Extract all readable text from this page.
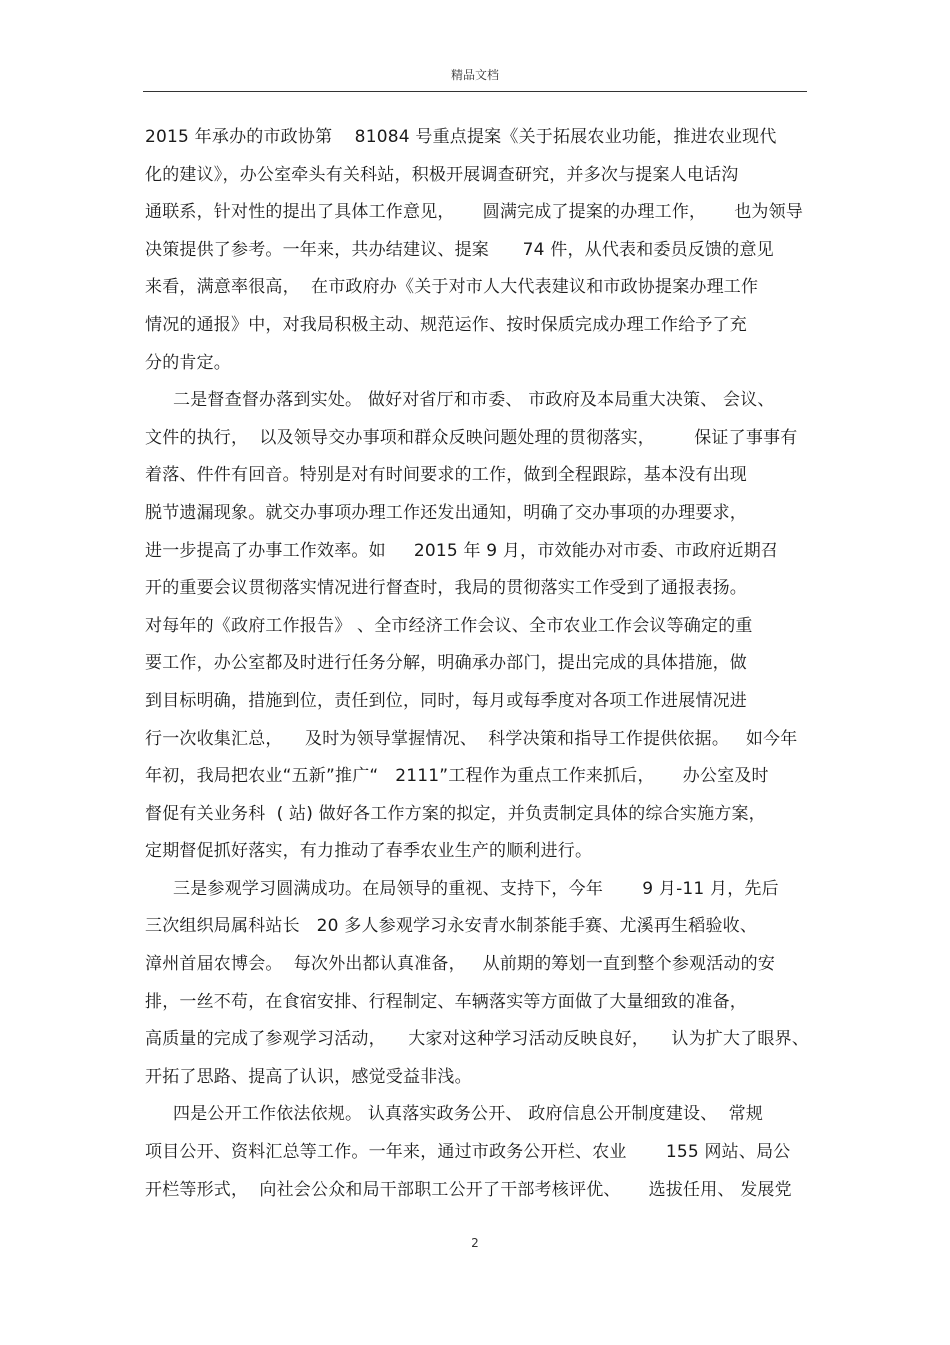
精品文档
2015 年承办的市政协第    81084 号重点提案《关于拓展农业功能，推进农业现代
化的建议》，办公室牵头有关科站，积极开展调查研究，并多次与提案人电话沟
通联系，针对性的提出了具体工作意见，     圆满完成了提案的办理工作，     也为领导
决策提供了参考。一年来，共办结建议、提案      74 件，从代表和委员反馈的意见
来看，满意率很高，  在市政府办《关于对市人大代表建议和市政协提案办理工作
情况的通报》中，对我局积极主动、规范运作、按时保质完成办理工作给予了充
分的肯定。
二是督查督办落到实处。 做好对省厅和市委、 市政府及本局重大决策、 会议、
文件的执行，  以及领导交办事项和群众反映问题处理的贯彻落实，       保证了事事有
着落、件件有回音。特别是对有时间要求的工作，做到全程跟踪，基本没有出现
脱节遗漏现象。就交办事项办理工作还发出通知，明确了交办事项的办理要求，
进一步提高了办事工作效率。如     2015 年 9 月，市效能办对市委、市政府近期召
开的重要会议贯彻落实情况进行督查时，我局的贯彻落实工作受到了通报表扬。
对每年的《政府工作报告》 、全市经济工作会议、全市农业工作会议等确定的重
要工作，办公室都及时进行任务分解，明确承办部门，提出完成的具体措施，做
到目标明确，措施到位，责任到位，同时，每月或每季度对各项工作进展情况进
行一次收集汇总，    及时为领导掌握情况、  科学决策和指导工作提供依据。   如今年
年初，我局把农业“五新”推广“   2111”工程作为重点工作来抓后，     办公室及时
督促有关业务科  ( 站) 做好各工作方案的拟定，并负责制定具体的综合实施方案，
定期督促抓好落实，有力推动了春季农业生产的顺利进行。
三是参观学习圆满成功。在局领导的重视、支持下，今年       9 月-11 月，先后
三次组织局属科站长   20 多人参观学习永安青水制茶能手赛、尤溪再生稻验收、
漳州首届农博会。  每次外出都认真准备，   从前期的筹划一直到整个参观活动的安
排，一丝不苟，在食宿安排、行程制定、车辆落实等方面做了大量细致的准备，
高质量的完成了参观学习活动，    大家对这种学习活动反映良好，    认为扩大了眼界、
开拓了思路、提高了认识，感觉受益非浅。
四是公开工作依法依规。 认真落实政务公开、 政府信息公开制度建设、  常规
项目公开、资料汇总等工作。一年来，通过市政务公开栏、农业       155 网站、局公
开栏等形式，  向社会公众和局干部职工公开了干部考核评优、     选拔任用、 发展党
2
